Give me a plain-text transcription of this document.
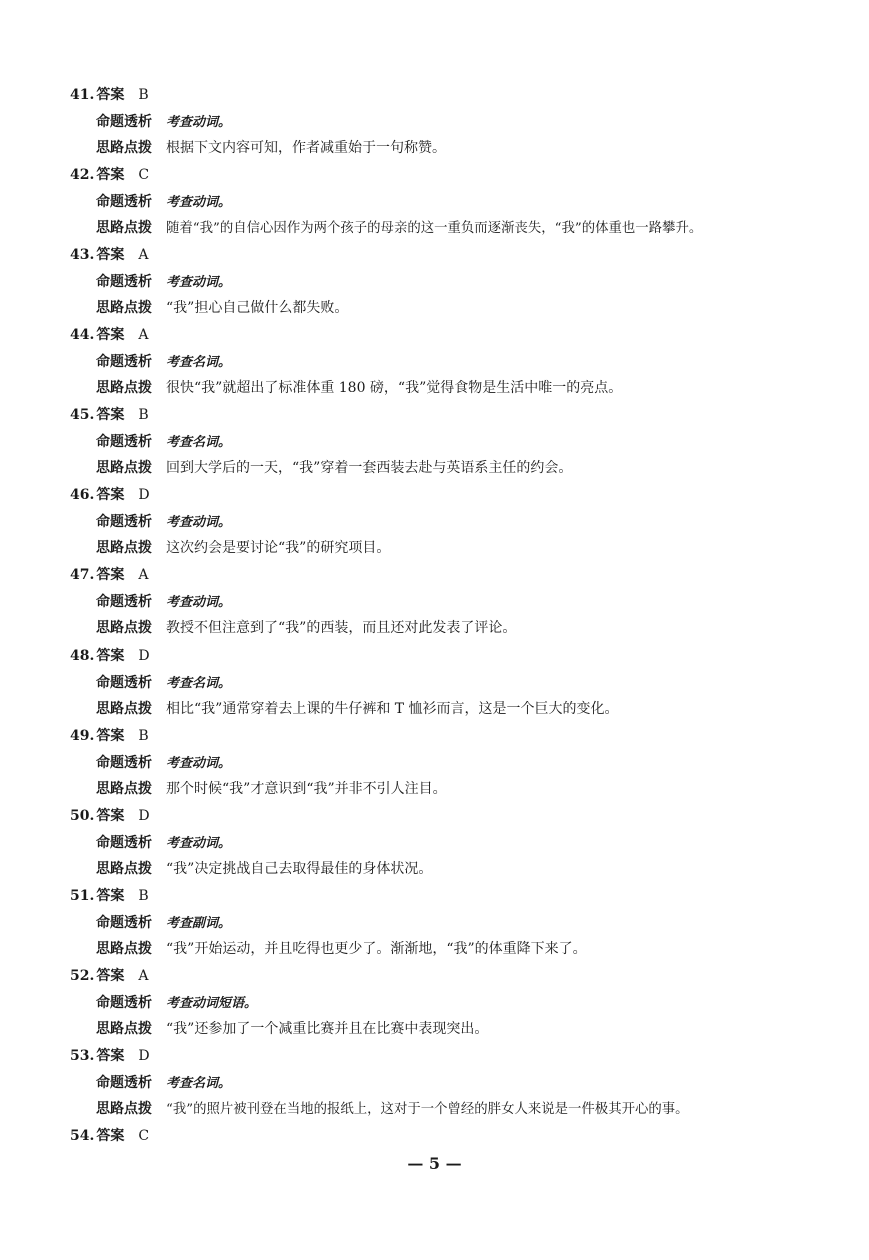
41. 答案 B
命题透析 考查动词。
思路点拨 根据下文内容可知，作者减重始于一句称赞。
42. 答案 C
命题透析 考查动词。
思路点拨 随着“我”的自信心因作为两个孩子的母亲的这一重负而逐渐丧失，“我”的体重也一路攀升。
43. 答案 A
命题透析 考查动词。
思路点拨 “我”担心自己做什么都失败。
44. 答案 A
命题透析 考查名词。
思路点拨 很快“我”就超出了标准体重 180 磅，“我”觉得食物是生活中唯一的亮点。
45. 答案 B
命题透析 考查名词。
思路点拨 回到大学后的一天，“我”穿着一套西装去赴与英语系主任的约会。
46. 答案 D
命题透析 考查动词。
思路点拨 这次约会是要讨论“我”的研究项目。
47. 答案 A
命题透析 考查动词。
思路点拨 教授不但注意到了“我”的西装，而且还对此发表了评论。
48. 答案 D
命题透析 考查名词。
思路点拨 相比“我”通常穿着去上课的牛仔裤和 T 恤衫而言，这是一个巨大的变化。
49. 答案 B
命题透析 考查动词。
思路点拨 那个时候“我”才意识到“我”并非不引人注目。
50. 答案 D
命题透析 考查动词。
思路点拨 “我”决定挑战自己去取得最佳的身体状况。
51. 答案 B
命题透析 考查副词。
思路点拨 “我”开始运动，并且吃得也更少了。渐渐地，“我”的体重降下来了。
52. 答案 A
命题透析 考查动词短语。
思路点拨 “我”还参加了一个减重比赛并且在比赛中表现突出。
53. 答案 D
命题透析 考查名词。
思路点拨 “我”的照片被刊登在当地的报纸上，这对于一个曾经的胖女人来说是一件极其开心的事。
54. 答案 C
— 5 —
